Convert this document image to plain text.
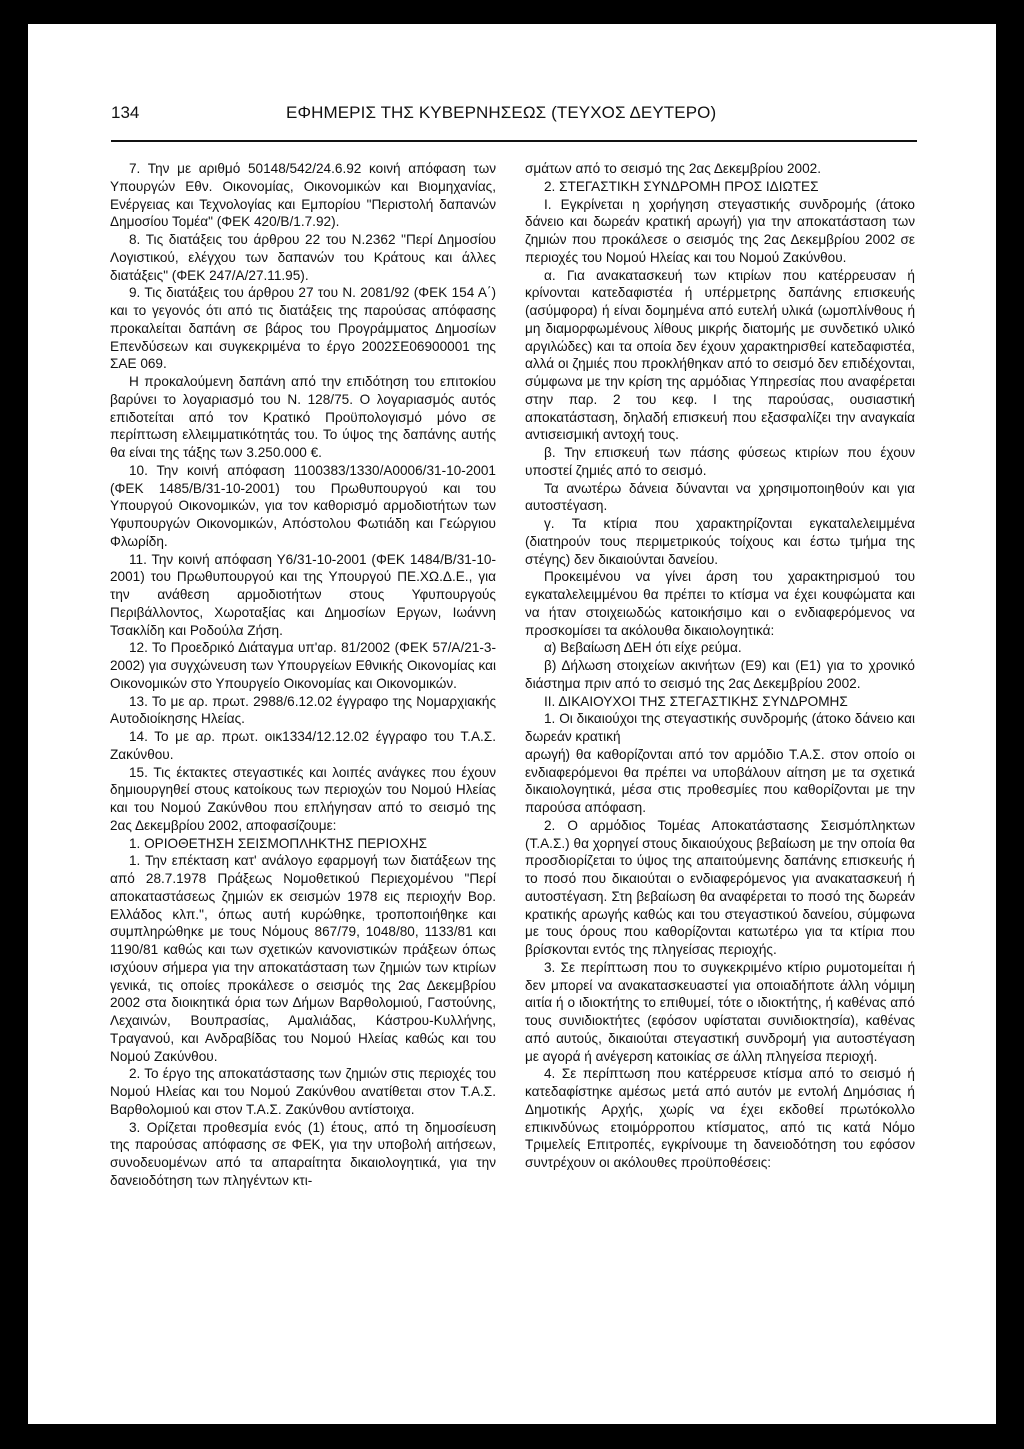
134	ΕΦΗΜΕΡΙΣ ΤΗΣ ΚΥΒΕΡΝΗΣΕΩΣ (ΤΕΥΧΟΣ ΔΕΥΤΕΡΟ)

7. Την με αριθμό 50148/542/24.6.92 κοινή απόφαση των Υπουργών Εθν. Οικονομίας, Οικονομικών και Βιομηχανίας, Ενέργειας και Τεχνολογίας και Εμπορίου "Περιστολή δαπανών Δημοσίου Τομέα" (ΦΕΚ 420/Β/1.7.92).

8. Τις διατάξεις του άρθρου 22 του Ν.2362 "Περί Δημοσίου Λογιστικού, ελέγχου των δαπανών του Κράτους και άλλες διατάξεις" (ΦΕΚ 247/Α/27.11.95).

9. Τις διατάξεις του άρθρου 27 του Ν. 2081/92 (ΦΕΚ 154 Α΄) και το γεγονός ότι από τις διατάξεις της παρούσας απόφασης προκαλείται δαπάνη σε βάρος του Προγράμματος Δημοσίων Επενδύσεων και συγκεκριμένα το έργο 2002ΣΕ06900001 της ΣΑΕ 069.

Η προκαλούμενη δαπάνη από την επιδότηση του επιτοκίου βαρύνει το λογαριασμό του Ν. 128/75. Ο λογαριασμός αυτός επιδοτείται από τον Κρατικό Προϋπολογισμό μόνο σε περίπτωση ελλειμματικότητάς του. Το ύψος της δαπάνης αυτής θα είναι της τάξης των 3.250.000 €.

10. Την κοινή απόφαση 1100383/1330/Α0006/31-10-2001 (ΦΕΚ 1485/Β/31-10-2001) του Πρωθυπουργού και του Υπουργού Οικονομικών, για τον καθορισμό αρμοδιοτήτων των Υφυπουργών Οικονομικών, Απόστολου Φωτιάδη και Γεώργιου Φλωρίδη.

11. Την κοινή απόφαση Υ6/31-10-2001 (ΦΕΚ 1484/Β/31-10-2001) του Πρωθυπουργού και της Υπουργού ΠΕ.ΧΩ.Δ.Ε., για την ανάθεση αρμοδιοτήτων στους Υφυπουργούς Περιβάλλοντος, Χωροταξίας και Δημοσίων Εργων, Ιωάννη Τσακλίδη και Ροδούλα Ζήση.

12. Το Προεδρικό Διάταγμα υπ'αρ. 81/2002 (ΦΕΚ 57/Α/21-3-2002) για συγχώνευση των Υπουργείων Εθνικής Οικονομίας και Οικονομικών στο Υπουργείο Οικονομίας και Οικονομικών.

13. Το με αρ. πρωτ. 2988/6.12.02 έγγραφο της Νομαρχιακής Αυτοδιοίκησης Ηλείας.

14. Το με αρ. πρωτ. οικ1334/12.12.02 έγγραφο του Τ.Α.Σ. Ζακύνθου.

15. Τις έκτακτες στεγαστικές και λοιπές ανάγκες που έχουν δημιουργηθεί στους κατοίκους των περιοχών του Νομού Ηλείας και του Νομού Ζακύνθου που επλήγησαν από το σεισμό της 2ας Δεκεμβρίου 2002, αποφασίζουμε:

1. ΟΡΙΟΘΕΤΗΣΗ ΣΕΙΣΜΟΠΛΗΚΤΗΣ ΠΕΡΙΟΧΗΣ

1. Την επέκταση κατ' ανάλογο εφαρμογή των διατάξεων της από 28.7.1978 Πράξεως Νομοθετικού Περιεχομένου "Περί αποκαταστάσεως ζημιών εκ σεισμών 1978 εις περιοχήν Βορ. Ελλάδος κλπ.", όπως αυτή κυρώθηκε, τροποποιήθηκε και συμπληρώθηκε με τους Νόμους 867/79, 1048/80, 1133/81 και 1190/81 καθώς και των σχετικών κανονιστικών πράξεων όπως ισχύουν σήμερα για την αποκατάσταση των ζημιών των κτιρίων γενικά, τις οποίες προκάλεσε ο σεισμός της 2ας Δεκεμβρίου 2002 στα διοικητικά όρια των Δήμων Βαρθολομιού, Γαστούνης, Λεχαινών, Βουπρασίας, Αμαλιάδας, Κάστρου-Κυλλήνης, Τραγανού, και Ανδραβίδας του Νομού Ηλείας καθώς και του Νομού Ζακύνθου.

2. Το έργο της αποκατάστασης των ζημιών στις περιοχές του Νομού Ηλείας και του Νομού Ζακύνθου ανατίθεται στον Τ.Α.Σ. Βαρθολομιού και στον Τ.Α.Σ. Ζακύνθου αντίστοιχα.

3. Ορίζεται προθεσμία ενός (1) έτους, από τη δημοσίευση της παρούσας απόφασης σε ΦΕΚ, για την υποβολή αιτήσεων, συνοδευομένων από τα απαραίτητα δικαιολογητικά, για την δανειοδότηση των πληγέντων κτι-

σμάτων από το σεισμό της 2ας Δεκεμβρίου 2002.

2. ΣΤΕΓΑΣΤΙΚΗ ΣΥΝΔΡΟΜΗ ΠΡΟΣ ΙΔΙΩΤΕΣ

Ι. Εγκρίνεται η χορήγηση στεγαστικής συνδρομής (άτοκο δάνειο και δωρεάν κρατική αρωγή) για την αποκατάσταση των ζημιών που προκάλεσε ο σεισμός της 2ας Δεκεμβρίου 2002 σε περιοχές του Νομού Ηλείας και του Νομού Ζακύνθου.

α. Για ανακατασκευή των κτιρίων που κατέρρευσαν ή κρίνονται κατεδαφιστέα ή υπέρμετρης δαπάνης επισκευής (ασύμφορα) ή είναι δομημένα από ευτελή υλικά (ωμοπλίνθους ή μη διαμορφωμένους λίθους μικρής διατομής με συνδετικό υλικό αργιλώδες) και τα οποία δεν έχουν χαρακτηρισθεί κατεδαφιστέα, αλλά οι ζημιές που προκλήθηκαν από το σεισμό δεν επιδέχονται, σύμφωνα με την κρίση της αρμόδιας Υπηρεσίας που αναφέρεται στην παρ. 2 του κεφ. Ι της παρούσας, ουσιαστική αποκατάσταση, δηλαδή επισκευή που εξασφαλίζει την αναγκαία αντισεισμική αντοχή τους.

β. Την επισκευή των πάσης φύσεως κτιρίων που έχουν υποστεί ζημιές από το σεισμό.

Τα ανωτέρω δάνεια δύνανται να χρησιμοποιηθούν και για αυτοστέγαση.

γ. Τα κτίρια που χαρακτηρίζονται εγκαταλελειμμένα (διατηρούν τους περιμετρικούς τοίχους και έστω τμήμα της στέγης) δεν δικαιούνται δανείου.

Προκειμένου να γίνει άρση του χαρακτηρισμού του εγκαταλελειμμένου θα πρέπει το κτίσμα να έχει κουφώματα και να ήταν στοιχειωδώς κατοικήσιμο και ο ενδιαφερόμενος να προσκομίσει τα ακόλουθα δικαιολογητικά:

α) Βεβαίωση ΔΕΗ ότι είχε ρεύμα.

β) Δήλωση στοιχείων ακινήτων (Ε9) και (Ε1) για το χρονικό διάστημα πριν από το σεισμό της 2ας Δεκεμβρίου 2002.

ΙΙ. ΔΙΚΑΙΟΥΧΟΙ ΤΗΣ ΣΤΕΓΑΣΤΙΚΗΣ ΣΥΝΔΡΟΜΗΣ

1. Οι δικαιούχοι της στεγαστικής συνδρομής (άτοκο δάνειο και δωρεάν κρατική

αρωγή) θα καθορίζονται από τον αρμόδιο Τ.Α.Σ. στον οποίο οι ενδιαφερόμενοι θα πρέπει να υποβάλουν αίτηση με τα σχετικά δικαιολογητικά, μέσα στις προθεσμίες που καθορίζονται με την παρούσα απόφαση.

2. Ο αρμόδιος Τομέας Αποκατάστασης Σεισμόπληκτων (Τ.Α.Σ.) θα χορηγεί στους δικαιούχους βεβαίωση με την οποία θα προσδιορίζεται το ύψος της απαιτούμενης δαπάνης επισκευής ή το ποσό που δικαιούται ο ενδιαφερόμενος για ανακατασκευή ή αυτοστέγαση. Στη βεβαίωση θα αναφέρεται το ποσό της δωρεάν κρατικής αρωγής καθώς και του στεγαστικού δανείου, σύμφωνα με τους όρους που καθορίζονται κατωτέρω για τα κτίρια που βρίσκονται εντός της πληγείσας περιοχής.

3. Σε περίπτωση που το συγκεκριμένο κτίριο ρυμοτομείται ή δεν μπορεί να ανακατασκευαστεί για οποιαδήποτε άλλη νόμιμη αιτία ή ο ιδιοκτήτης το επιθυμεί, τότε ο ιδιοκτήτης, ή καθένας από τους συνιδιοκτήτες (εφόσον υφίσταται συνιδιοκτησία), καθένας από αυτούς, δικαιούται στεγαστική συνδρομή για αυτοστέγαση με αγορά ή ανέγερση κατοικίας σε άλλη πληγείσα περιοχή.

4. Σε περίπτωση που κατέρρευσε κτίσμα από το σεισμό ή κατεδαφίστηκε αμέσως μετά από αυτόν με εντολή Δημόσιας ή Δημοτικής Αρχής, χωρίς να έχει εκδοθεί πρωτόκολλο επικινδύνως ετοιμόρροπου κτίσματος, από τις κατά Νόμο Τριμελείς Επιτροπές, εγκρίνουμε τη δανειοδότηση του εφόσον συντρέχουν οι ακόλουθες προϋποθέσεις:
